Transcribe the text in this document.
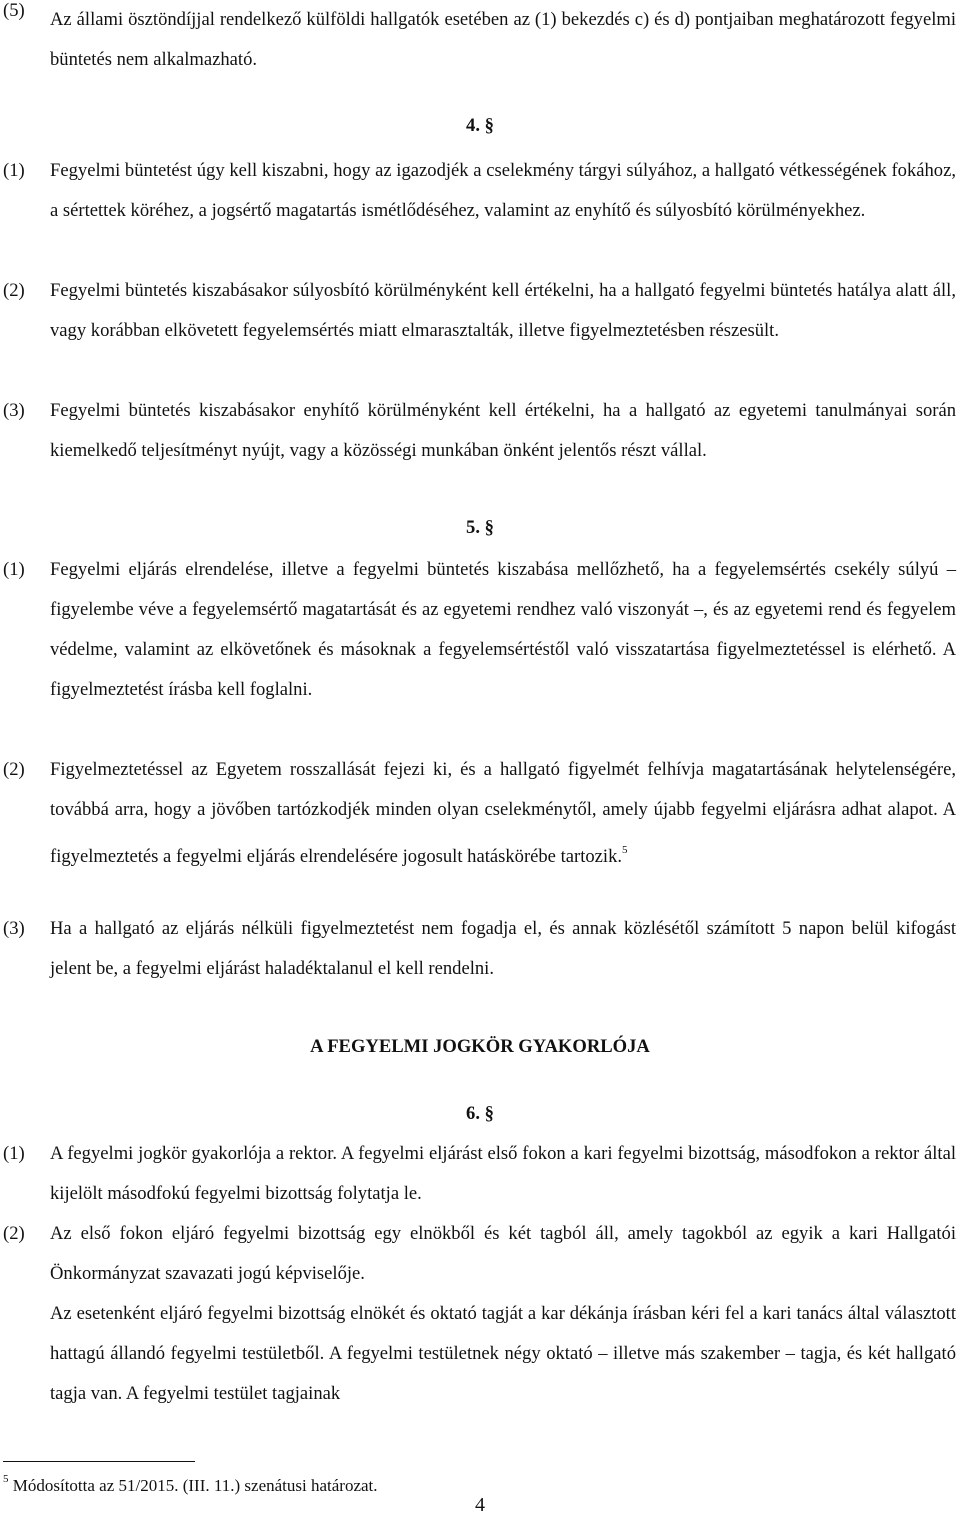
(5) Az állami ösztöndíjjal rendelkező külföldi hallgatók esetében az (1) bekezdés c) és d) pontjaiban meghatározott fegyelmi büntetés nem alkalmazható.
4. §
(1) Fegyelmi büntetést úgy kell kiszabni, hogy az igazodjék a cselekmény tárgyi súlyához, a hallgató vétkességének fokához, a sértettek köréhez, a jogsértő magatartás ismétlődéséhez, valamint az enyhítő és súlyosbító körülményekhez.
(2) Fegyelmi büntetés kiszabásakor súlyosbító körülményként kell értékelni, ha a hallgató fegyelmi büntetés hatálya alatt áll, vagy korábban elkövetett fegyelemsértés miatt elmarasztalták, illetve figyelmeztetésben részesült.
(3) Fegyelmi büntetés kiszabásakor enyhítő körülményként kell értékelni, ha a hallgató az egyetemi tanulmányai során kiemelkedő teljesítményt nyújt, vagy a közösségi munkában önként jelentős részt vállal.
5. §
(1) Fegyelmi eljárás elrendelése, illetve a fegyelmi büntetés kiszabása mellőzhető, ha a fegyelemsértés csekély súlyú – figyelembe véve a fegyelemsértő magatartását és az egyetemi rendhez való viszonyát –, és az egyetemi rend és fegyelem védelme, valamint az elkövetőnek és másoknak a fegyelemsértéstől való visszatartása figyelmeztetéssel is elérhető. A figyelmeztetést írásba kell foglalni.
(2) Figyelmeztetéssel az Egyetem rosszallását fejezi ki, és a hallgató figyelmét felhívja magatartásának helytelenségére, továbbá arra, hogy a jövőben tartózkodjék minden olyan cselekménytől, amely újabb fegyelmi eljárásra adhat alapot. A figyelmeztetés a fegyelmi eljárás elrendelésére jogosult hatáskörébe tartozik.$^5$
(3) Ha a hallgató az eljárás nélküli figyelmeztetést nem fogadja el, és annak közlésétől számított 5 napon belül kifogást jelent be, a fegyelmi eljárást haladéktalanul el kell rendelni.
A FEGYELMI JOGKÖR GYAKORLÓJA
6. §
(1) A fegyelmi jogkör gyakorlója a rektor. A fegyelmi eljárást első fokon a kari fegyelmi bizottság, másodfokon a rektor által kijelölt másodfokú fegyelmi bizottság folytatja le.
(2) Az első fokon eljáró fegyelmi bizottság egy elnökből és két tagból áll, amely tagokból az egyik a kari Hallgatói Önkormányzat szavazati jogú képviselője.
Az esetenként eljáró fegyelmi bizottság elnökét és oktató tagját a kar dékánja írásban kéri fel a kari tanács által választott hattagú állandó fegyelmi testületből. A fegyelmi testületnek négy oktató – illetve más szakember – tagja, és két hallgató tagja van. A fegyelmi testület tagjainak
$^5$ Módosította az 51/2015. (III. 11.) szenátusi határozat.
4
